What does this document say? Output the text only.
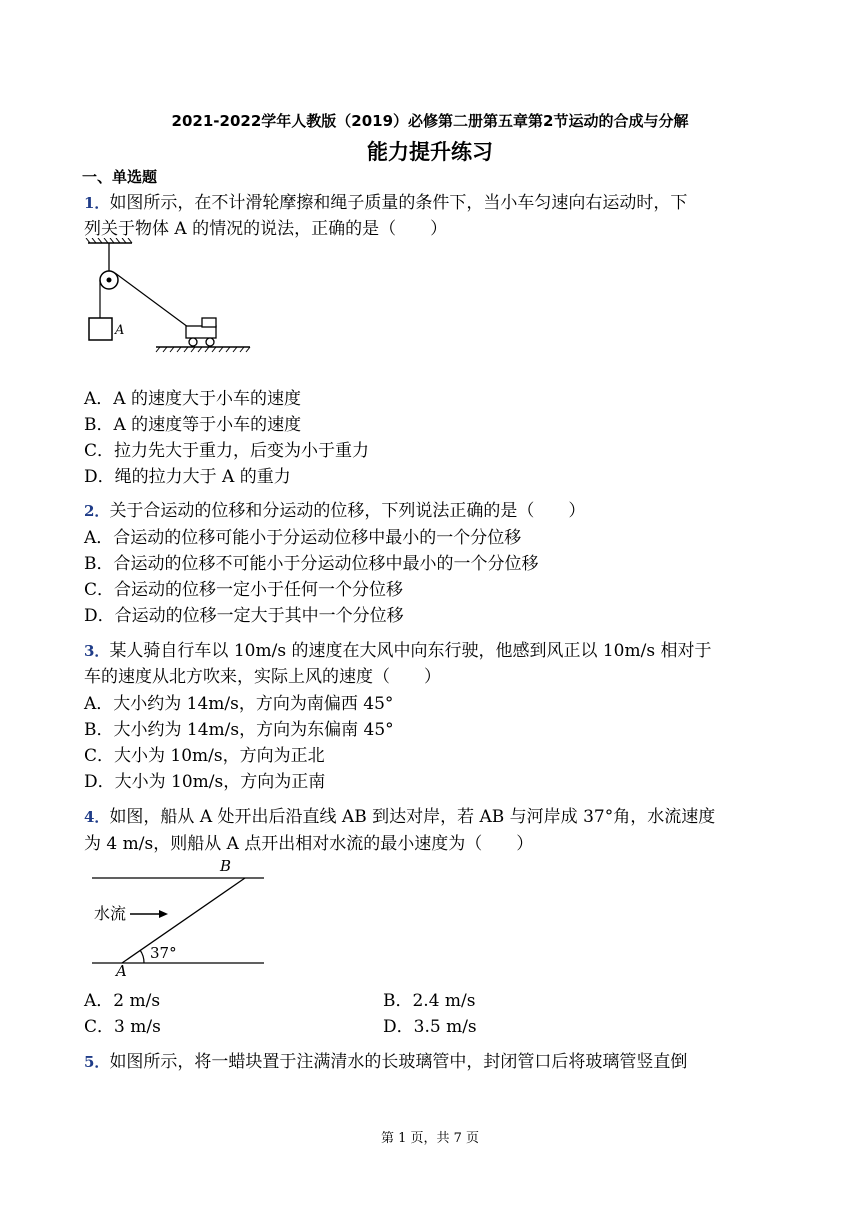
2021-2022学年人教版（2019）必修第二册第五章第2节运动的合成与分解
能力提升练习
一、单选题
1．如图所示，在不计滑轮摩擦和绳子质量的条件下，当小车匀速向右运动时，下
列关于物体 A 的情况的说法，正确的是（　　）
A
A．A 的速度大于小车的速度
B．A 的速度等于小车的速度
C．拉力先大于重力，后变为小于重力
D．绳的拉力大于 A 的重力
2．关于合运动的位移和分运动的位移，下列说法正确的是（　　）
A．合运动的位移可能小于分运动位移中最小的一个分位移
B．合运动的位移不可能小于分运动位移中最小的一个分位移
C．合运动的位移一定小于任何一个分位移
D．合运动的位移一定大于其中一个分位移
3．某人骑自行车以 10m/s 的速度在大风中向东行驶，他感到风正以 10m/s 相对于
车的速度从北方吹来，实际上风的速度（　　）
A．大小约为 14m/s，方向为南偏西 45°
B．大小约为 14m/s，方向为东偏南 45°
C．大小为 10m/s，方向为正北
D．大小为 10m/s，方向为正南
4．如图，船从 A 处开出后沿直线 AB 到达对岸，若 AB 与河岸成 37°角，水流速度
为 4 m/s，则船从 A 点开出相对水流的最小速度为（　　）
B
A
水流
37°
A．2 m/s	B．2.4 m/s
C．3 m/s	D．3.5 m/s
5．如图所示，将一蜡块置于注满清水的长玻璃管中，封闭管口后将玻璃管竖直倒
第 1 页，共 7 页
